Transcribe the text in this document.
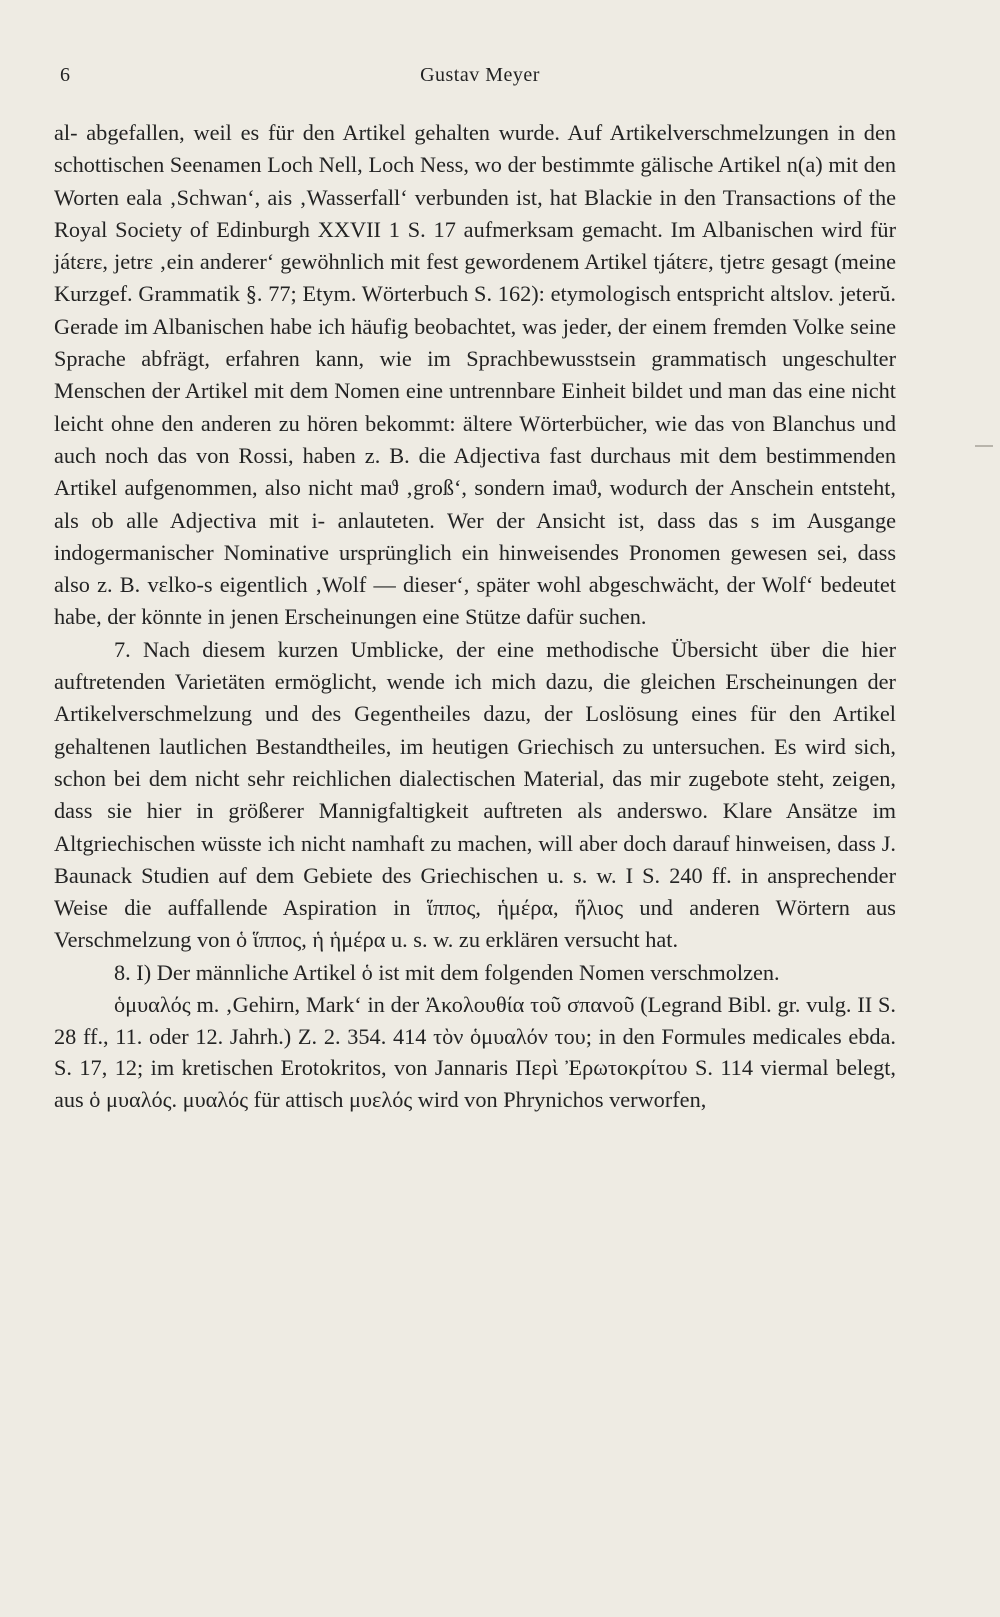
6	Gustav Meyer

al- abgefallen, weil es für den Artikel gehalten wurde. Auf Artikelverschmelzungen in den schottischen Seenamen Loch Nell, Loch Ness, wo der bestimmte gälische Artikel n(a) mit den Worten eala ‚Schwan‘, ais ‚Wasserfall‘ verbunden ist, hat Blackie in den Transactions of the Royal Society of Edinburgh XXVII 1 S. 17 aufmerksam gemacht. Im Albanischen wird für játɛrɛ, jetrɛ ‚ein anderer‘ gewöhnlich mit fest gewordenem Artikel tjátɛrɛ, tjetrɛ gesagt (meine Kurzgef. Grammatik §. 77; Etym. Wörterbuch S. 162): etymologisch entspricht altslov. jeterŭ. Gerade im Albanischen habe ich häufig beobachtet, was jeder, der einem fremden Volke seine Sprache abfrägt, erfahren kann, wie im Sprachbewusstsein grammatisch ungeschulter Menschen der Artikel mit dem Nomen eine untrennbare Einheit bildet und man das eine nicht leicht ohne den anderen zu hören bekommt: ältere Wörterbücher, wie das von Blanchus und auch noch das von Rossi, haben z. B. die Adjectiva fast durchaus mit dem bestimmenden Artikel aufgenommen, also nicht maϑ ‚groß‘, sondern imaϑ, wodurch der Anschein entsteht, als ob alle Adjectiva mit i- anlauteten. Wer der Ansicht ist, dass das s im Ausgange indogermanischer Nominative ursprünglich ein hinweisendes Pronomen gewesen sei, dass also z. B. vɛlko-s eigentlich ‚Wolf — dieser‘, später wohl abgeschwächt, der Wolf‘ bedeutet habe, der könnte in jenen Erscheinungen eine Stütze dafür suchen.

7. Nach diesem kurzen Umblicke, der eine methodische Übersicht über die hier auftretenden Varietäten ermöglicht, wende ich mich dazu, die gleichen Erscheinungen der Artikelverschmelzung und des Gegentheiles dazu, der Loslösung eines für den Artikel gehaltenen lautlichen Bestandtheiles, im heutigen Griechisch zu untersuchen. Es wird sich, schon bei dem nicht sehr reichlichen dialectischen Material, das mir zugebote steht, zeigen, dass sie hier in größerer Mannigfaltigkeit auftreten als anderswo. Klare Ansätze im Altgriechischen wüsste ich nicht namhaft zu machen, will aber doch darauf hinweisen, dass J. Baunack Studien auf dem Gebiete des Griechischen u. s. w. I S. 240 ff. in ansprechender Weise die auffallende Aspiration in ἵππος, ἡμέρα, ἥλιος und anderen Wörtern aus Verschmelzung von ὁ ἵππος, ἡ ἡμέρα u. s. w. zu erklären versucht hat.

8. I) Der männliche Artikel ὁ ist mit dem folgenden Nomen verschmolzen.

ὁμυαλός m. ‚Gehirn, Mark‘ in der Ἀκολουθία τοῦ σπανοῦ (Legrand Bibl. gr. vulg. II S. 28 ff., 11. oder 12. Jahrh.) Z. 2. 354. 414 τὸν ὁμυαλόν του; in den Formules medicales ebda. S. 17, 12; im kretischen Erotokritos, von Jannaris Περὶ Ἐρωτοκρίτου S. 114 viermal belegt, aus ὁ μυαλός. μυαλός für attisch μυελός wird von Phrynichos verworfen,
